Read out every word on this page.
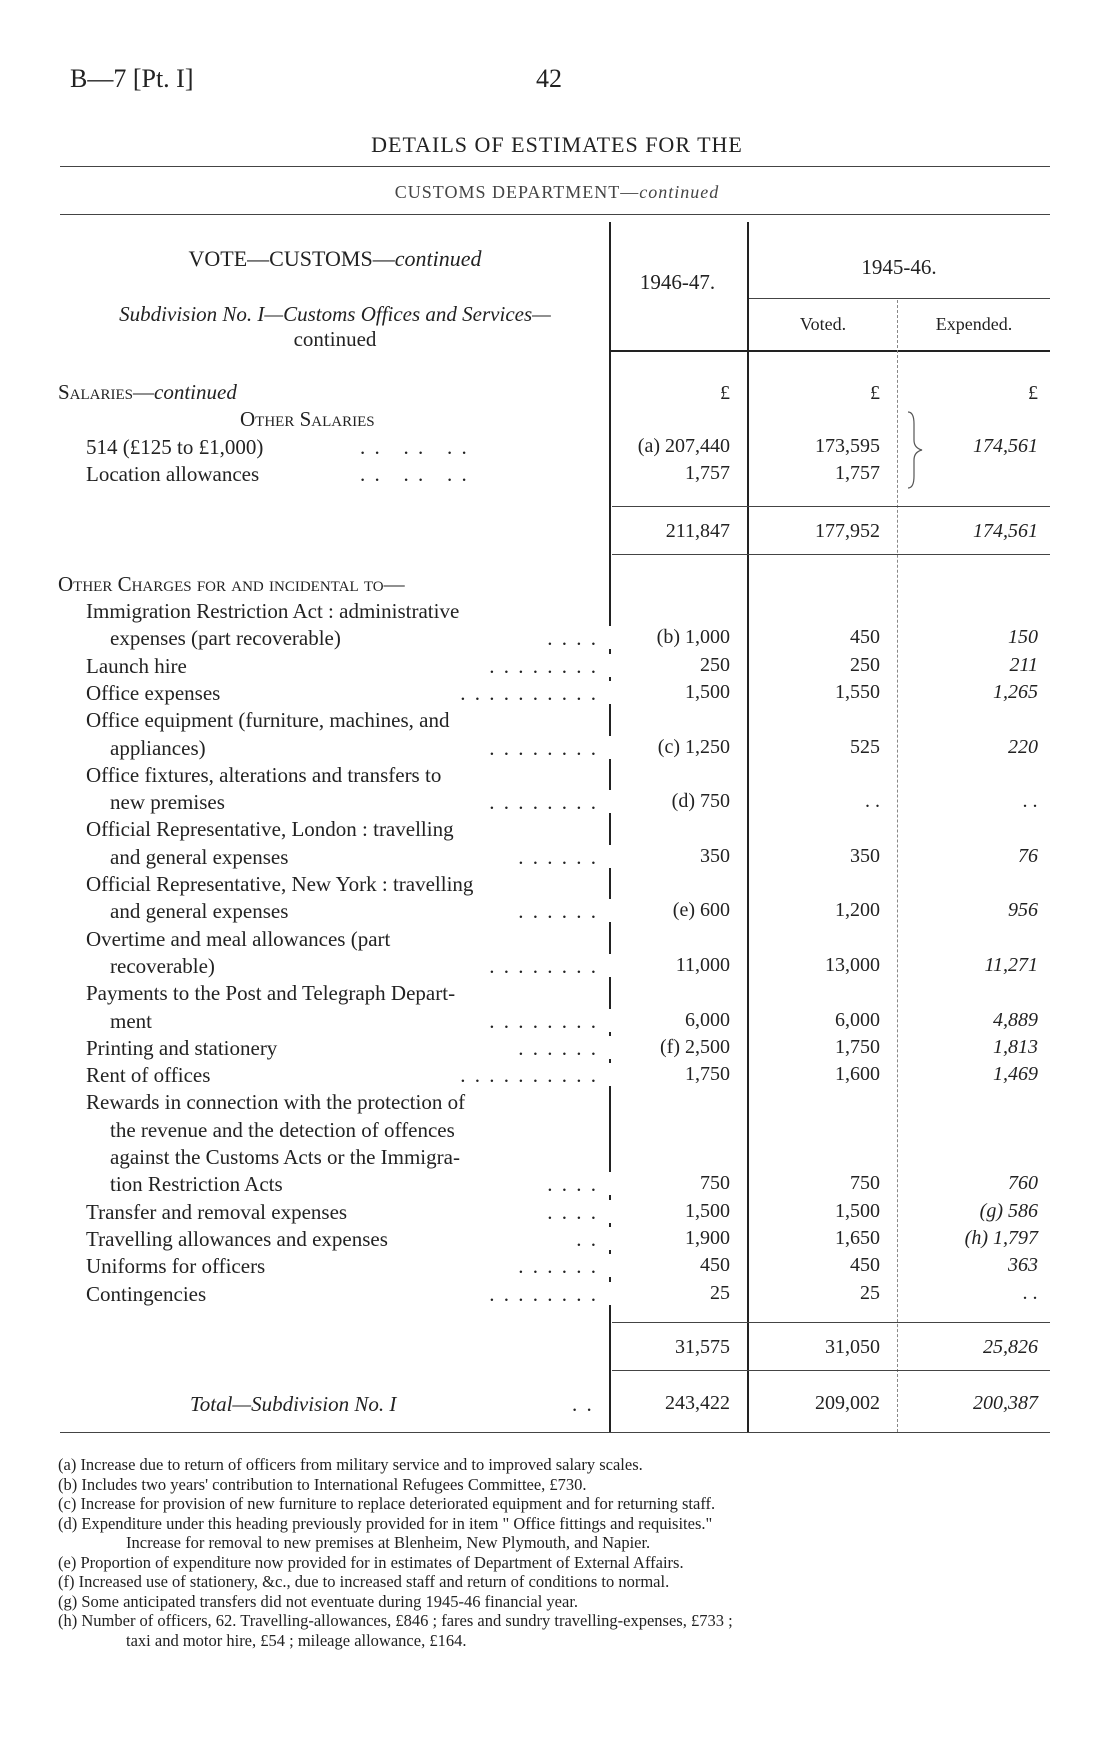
B—7 [Pt. I]	42
DETAILS OF ESTIMATES FOR THE
CUSTOMS DEPARTMENT—continued
VOTE—CUSTOMS—continued
Subdivision No. I—Customs Offices and Services—
continued
1946-47.
1945-46.
Voted.	Expended.
Salaries—continued
Other Salaries
£	£	£
514 (£125 to £1,000)	. .   . .   . .	(a) 207,440	173,595	174,561
Location allowances	. .   . .   . .	1,757	1,757
211,847	177,952	174,561
Other Charges for and incidental to—
Immigration Restriction Act : administrative
expenses (part recoverable)	. . . .	(b) 1,000	450	150
Launch hire	. . . . . . . .	250	250	211
Office expenses	. . . . . . . . . .	1,500	1,550	1,265
Office equipment (furniture, machines, and
appliances)	. . . . . . . .	(c) 1,250	525	220
Office fixtures, alterations and transfers to
new premises	. . . . . . . .	(d) 750	. .	. .
Official Representative, London : travelling
and general expenses	. . . . . .	350	350	76
Official Representative, New York : travelling
and general expenses	. . . . . .	(e) 600	1,200	956
Overtime and meal allowances (part
recoverable)	. . . . . . . .	11,000	13,000	11,271
Payments to the Post and Telegraph Depart-
ment	. . . . . . . .	6,000	6,000	4,889
Printing and stationery	. . . . . .	(f) 2,500	1,750	1,813
Rent of offices	. . . . . . . . . .	1,750	1,600	1,469
Rewards in connection with the protection of
the revenue and the detection of offences
against the Customs Acts or the Immigra-
tion Restriction Acts	. . . .	750	750	760
Transfer and removal expenses	. . . .	1,500	1,500	(g) 586
Travelling allowances and expenses	. .	1,900	1,650	(h) 1,797
Uniforms for officers	. . . . . .	450	450	363
Contingencies	. . . . . . . .	25	25	. .
31,575	31,050	25,826
Total—Subdivision No. I	. .	243,422	209,002	200,387
(a) Increase due to return of officers from military service and to improved salary scales.
(b) Includes two years' contribution to International Refugees Committee, £730.
(c) Increase for provision of new furniture to replace deteriorated equipment and for returning staff.
(d) Expenditure under this heading previously provided for in item " Office fittings and requisites."
Increase for removal to new premises at Blenheim, New Plymouth, and Napier.
(e) Proportion of expenditure now provided for in estimates of Department of External Affairs.
(f) Increased use of stationery, &c., due to increased staff and return of conditions to normal.
(g) Some anticipated transfers did not eventuate during 1945-46 financial year.
(h) Number of officers, 62. Travelling-allowances, £846 ; fares and sundry travelling-expenses, £733 ;
taxi and motor hire, £54 ; mileage allowance, £164.
